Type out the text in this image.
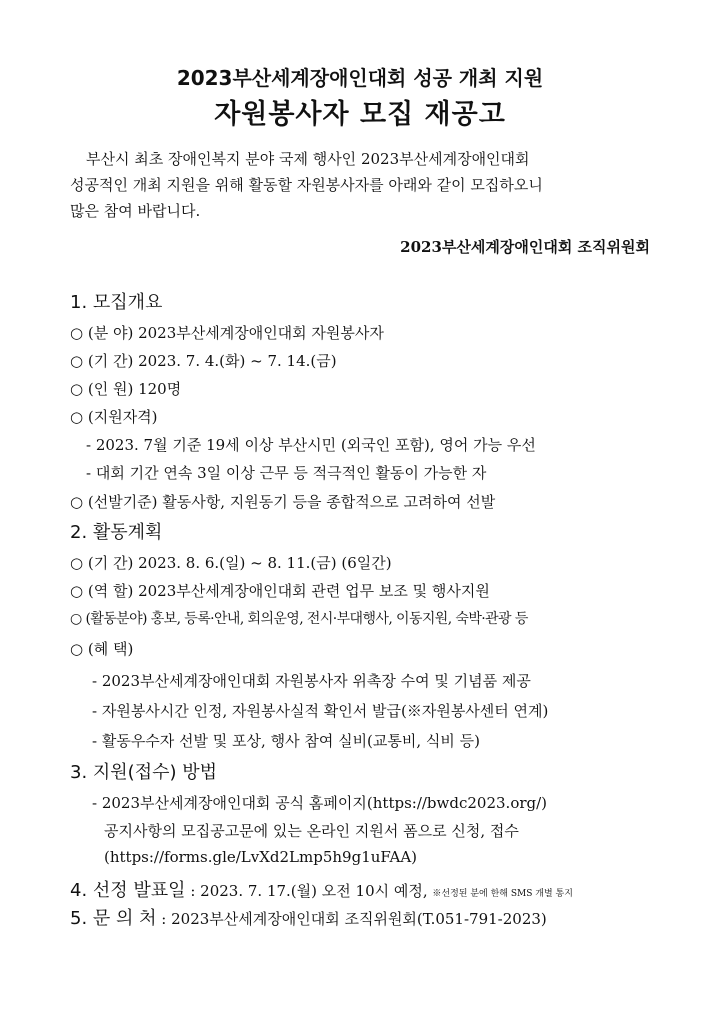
2023부산세계장애인대회 성공 개최 지원
자원봉사자 모집 재공고

부산시 최초 장애인복지 분야 국제 행사인 2023부산세계장애인대회

성공적인 개최 지원을 위해 활동할 자원봉사자를 아래와 같이 모집하오니

많은 참여 바랍니다.

2023부산세계장애인대회 조직위원회
1. 모집개요
○ (분 야) 2023부산세계장애인대회 자원봉사자
○ (기 간) 2023. 7. 4.(화) ~ 7. 14.(금)
○ (인 원) 120명
○ (지원자격)
- 2023. 7월 기준 19세 이상 부산시민 (외국인 포함), 영어 가능 우선
- 대회 기간 연속 3일 이상 근무 등 적극적인 활동이 가능한 자
○ (선발기준) 활동사항, 지원동기 등을 종합적으로 고려하여 선발
2. 활동계획
○ (기 간) 2023. 8. 6.(일) ~ 8. 11.(금) (6일간)
○ (역 할) 2023부산세계장애인대회 관련 업무 보조 및 행사지원
○ (활동분야) 홍보, 등록·안내, 회의운영, 전시·부대행사, 이동지원, 숙박·관광 등
○ (혜 택)
- 2023부산세계장애인대회 자원봉사자 위촉장 수여 및 기념품 제공
- 자원봉사시간 인정, 자원봉사실적 확인서 발급(※자원봉사센터 연계)
- 활동우수자 선발 및 포상, 행사 참여 실비(교통비, 식비 등)
3. 지원(접수) 방법
- 2023부산세계장애인대회 공식 홈페이지(https://bwdc2023.org/)
공지사항의 모집공고문에 있는 온라인 지원서 폼으로 신청, 접수
(https://forms.gle/LvXd2Lmp5h9g1uFAA)
4. 선정 발표일 : 2023. 7. 17.(월) 오전 10시 예정, ※선정된 분에 한해 SMS 개별 통지
5. 문 의 처 : 2023부산세계장애인대회 조직위원회(T.051-791-2023)
